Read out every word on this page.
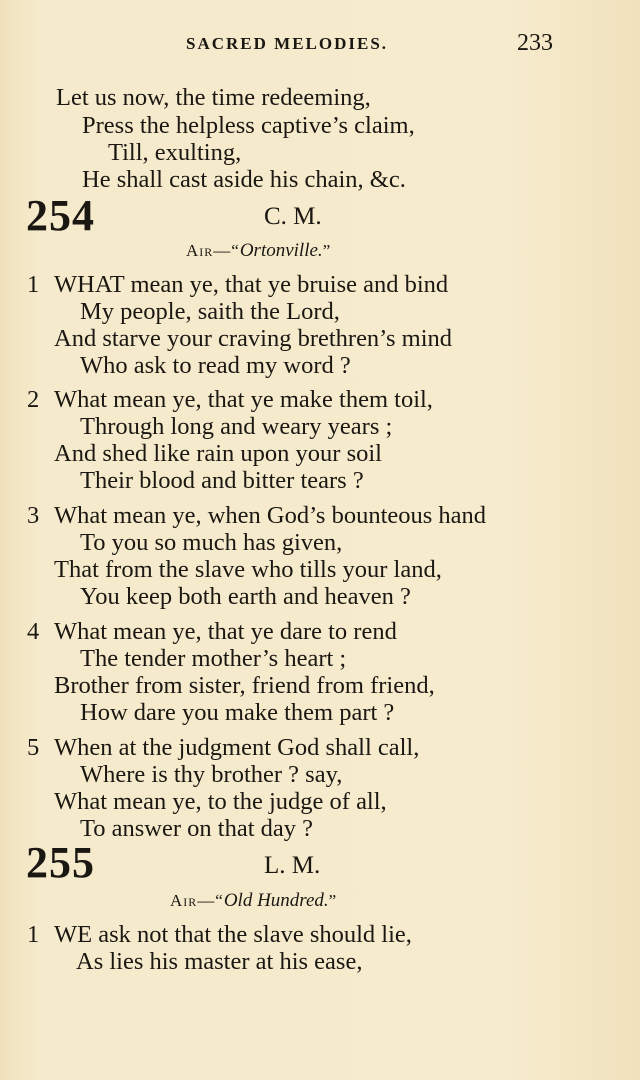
SACRED MELODIES.	233
Let us now, the time redeeming,
Press the helpless captive’s claim,
Till, exulting,
He shall cast aside his chain, &c.
254	C. M.
Air—“Ortonville.”
1 WHAT mean ye, that ye bruise and bind
My people, saith the Lord,
And starve your craving brethren’s mind
Who ask to read my word ?
2 What mean ye, that ye make them toil,
Through long and weary years ;
And shed like rain upon your soil
Their blood and bitter tears ?
3 What mean ye, when God’s bounteous hand
To you so much has given,
That from the slave who tills your land,
You keep both earth and heaven ?
4 What mean ye, that ye dare to rend
The tender mother’s heart ;
Brother from sister, friend from friend,
How dare you make them part ?
5 When at the judgment God shall call,
Where is thy brother ? say,
What mean ye, to the judge of all,
To answer on that day ?
255	L. M.
Air—“Old Hundred.”
1 WE ask not that the slave should lie,
As lies his master at his ease,
